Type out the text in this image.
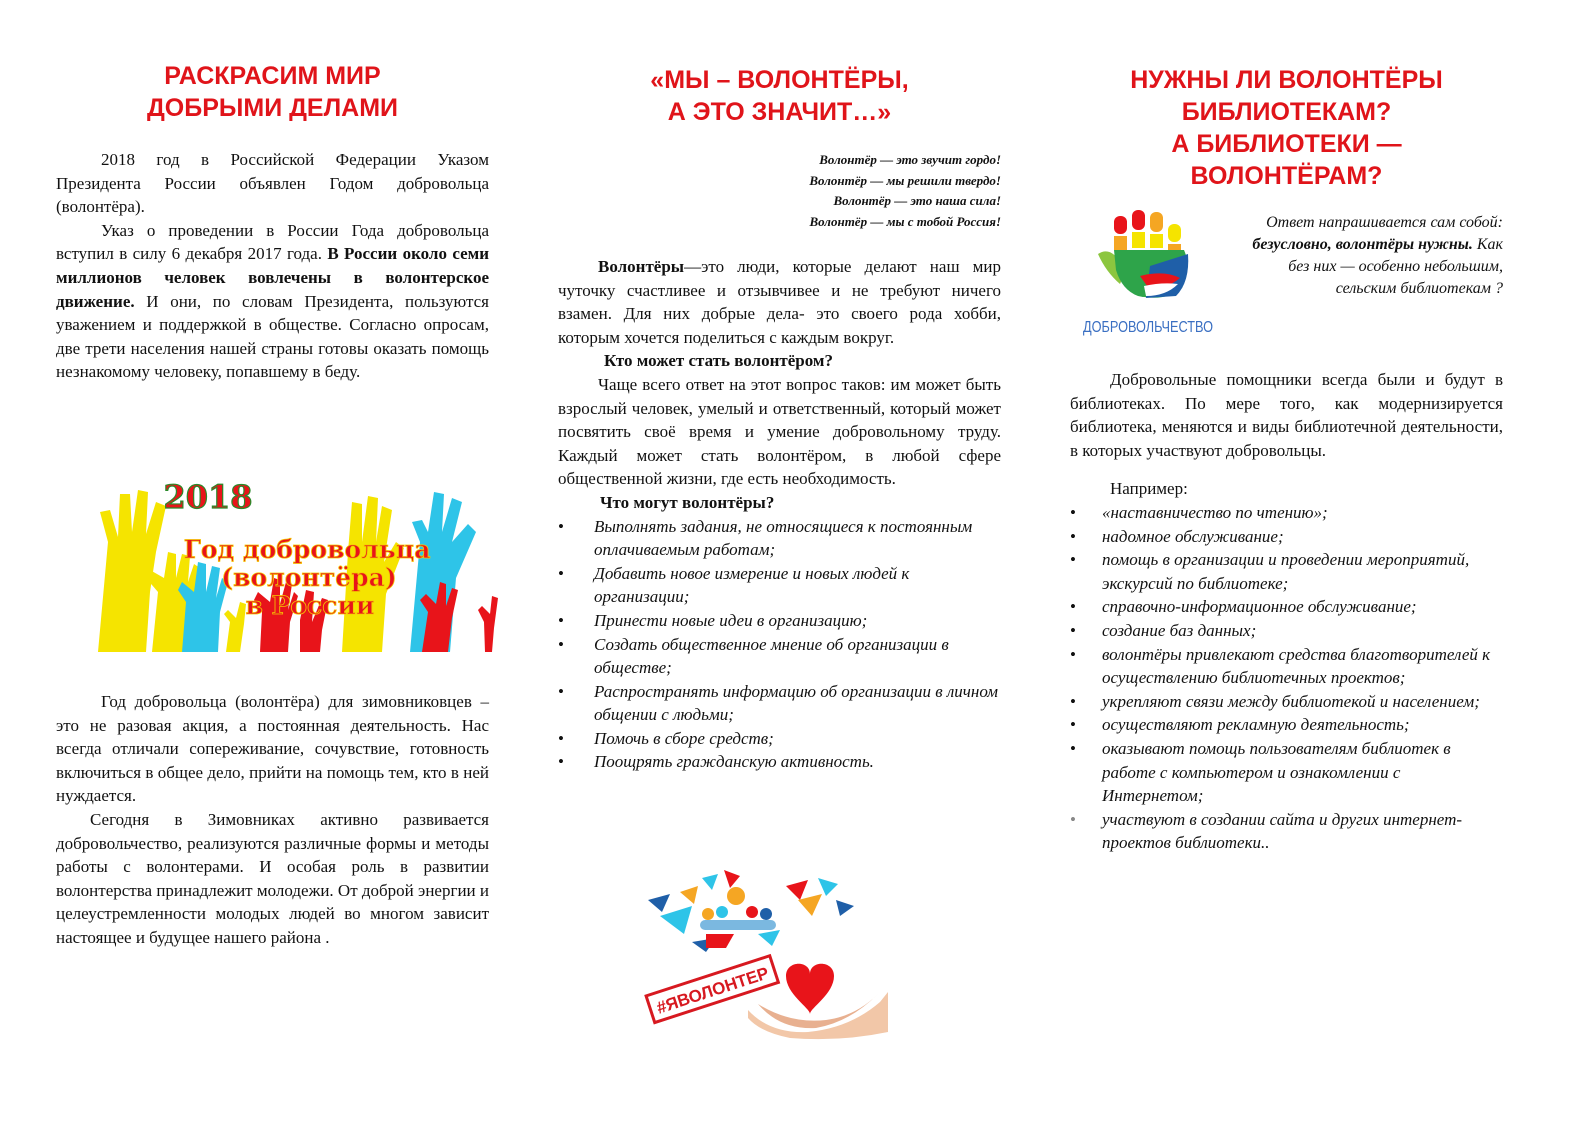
РАСКРАСИМ МИР
ДОБРЫМИ ДЕЛАМИ

2018 год в Российской Федерации Указом Президента России объявлен Годом добровольца (волонтёра).

Указ о проведении в России Года добровольца вступил в силу 6 декабря 2017 года. В России около семи миллионов человек вовлечены в волонтерское движение. И они, по словам Президента, пользуются уважением и поддержкой в обществе. Согласно опросам, две трети населения нашей страны готовы оказать помощь незнакомому человеку, попавшему в беду.

2018
Год добровольца
(волонтёра)
в России

Год добровольца (волонтёра) для зимовниковцев – это не разовая акция, а постоянная деятельность. Нас всегда отличали сопереживание, сочувствие, готовность включиться в общее дело, прийти на помощь тем, кто в ней нуждается.

Сегодня в Зимовниках активно развивается добровольчество, реализуются различные формы и методы работы с волонтерами. И особая роль в развитии волонтерства принадлежит молодежи. От доброй энергии и целеустремленности молодых людей во многом зависит настоящее и будущее нашего района .

«МЫ – ВОЛОНТЁРЫ,
А ЭТО ЗНАЧИТ…»
Волонтёр — это звучит гордо!
Волонтёр — мы решили твердо!
Волонтёр — это наша сила!
Волонтёр — мы с тобой Россия!

Волонтёры—это люди, которые делают наш мир чуточку счастливее и отзывчивее и не требуют ничего взамен. Для них добрые дела- это своего рода хобби, которым хочется поделиться с каждым вокруг.

Кто может стать волонтёром?

Чаще всего ответ на этот вопрос таков: им может быть взрослый человек, умелый и ответственный, который может посвятить своё время и умение добровольному труду. Каждый может стать волонтёром, в любой сфере общественной жизни, где есть необходимость.

Что могут волонтёры?

• Выполнять задания, не относящиеся к постоянным оплачиваемым работам;
• Добавить новое измерение и новых людей к организации;
• Принести новые идеи в организацию;
• Создать общественное мнение об организации в обществе;
• Распространять информацию об организации в личном общении с людьми;
• Помочь в сборе средств;
• Поощрять гражданскую активность.
#ЯВОЛОНТЕР
НУЖНЫ ЛИ ВОЛОНТЁРЫ
БИБЛИОТЕКАМ?
А БИБЛИОТЕКИ —
ВОЛОНТЁРАМ?
ДОБРОВОЛЬЧЕСТВО

Ответ напрашивается сам собой: безусловно, волонтёры нужны. Как без них — особенно небольшим, сельским библиотекам ?

Добровольные помощники всегда были и будут в библиотеках. По мере того, как модернизируется библиотека, меняются и виды библиотечной деятельности, в которых участвуют добровольцы.

Например:

• «наставничество по чтению»;
• надомное обслуживание;
• помощь в организации и проведении мероприятий, экскурсий по библиотеке;
• справочно-информационное обслуживание;
• создание баз данных;
• волонтёры привлекают средства благотворителей к осуществлению библиотечных проектов;
• укрепляют связи между библиотекой и населением;
• осуществляют рекламную деятельность;
• оказывают помощь пользователям библиотек в работе с компьютером и ознакомлении с Интернетом;
• участвуют в создании сайта и других интернет-проектов библиотеки..
